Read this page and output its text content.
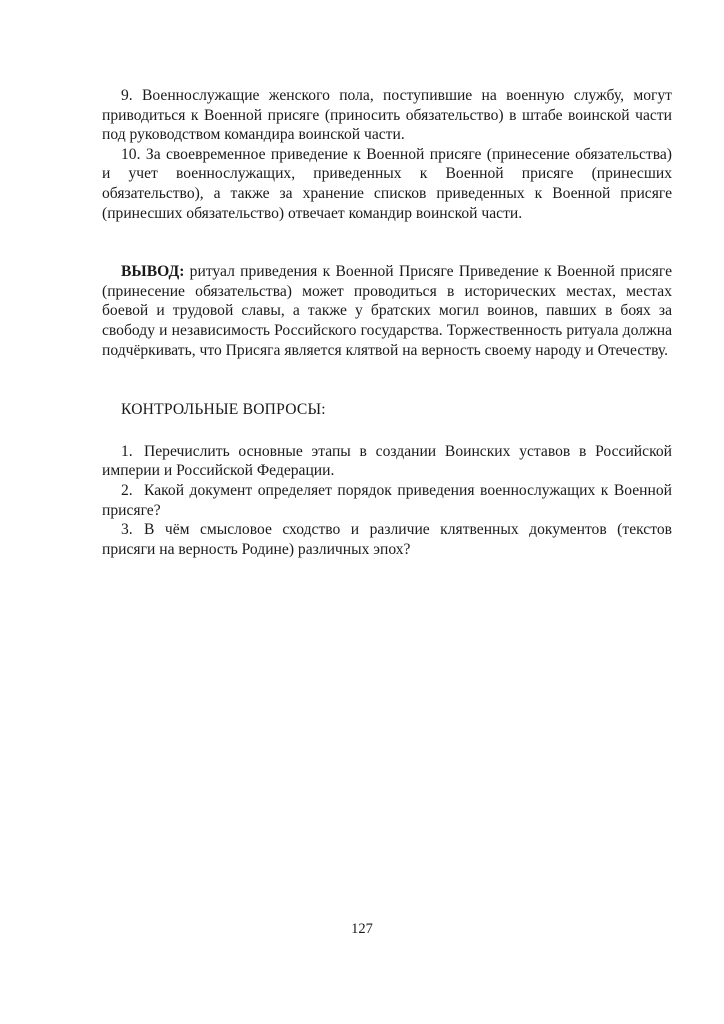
9. Военнослужащие женского пола, поступившие на военную службу, могут приводиться к Военной присяге (приносить обязательство) в штабе воинской части под руководством командира воинской части.

10. За своевременное приведение к Военной присяге (принесение обязательства) и учет военнослужащих, приведенных к Военной присяге (принесших обязательство), а также за хранение списков приведенных к Военной присяге (принесших обязательство) отвечает командир воинской части.

ВЫВОД: ритуал приведения к Военной Присяге Приведение к Военной присяге (принесение обязательства) может проводиться в исторических местах, местах боевой и трудовой славы, а также у братских могил воинов, павших в боях за свободу и независимость Российского государства. Торжественность ритуала должна подчёркивать, что Присяга является клятвой на верность своему народу и Отечеству.

КОНТРОЛЬНЫЕ ВОПРОСЫ:

1. Перечислить основные этапы в создании Воинских уставов в Российской империи и Российской Федерации.

2. Какой документ определяет порядок приведения военнослужащих к Военной присяге?

3. В чём смысловое сходство и различие клятвенных документов (текстов присяги на верность Родине) различных эпох?

127
